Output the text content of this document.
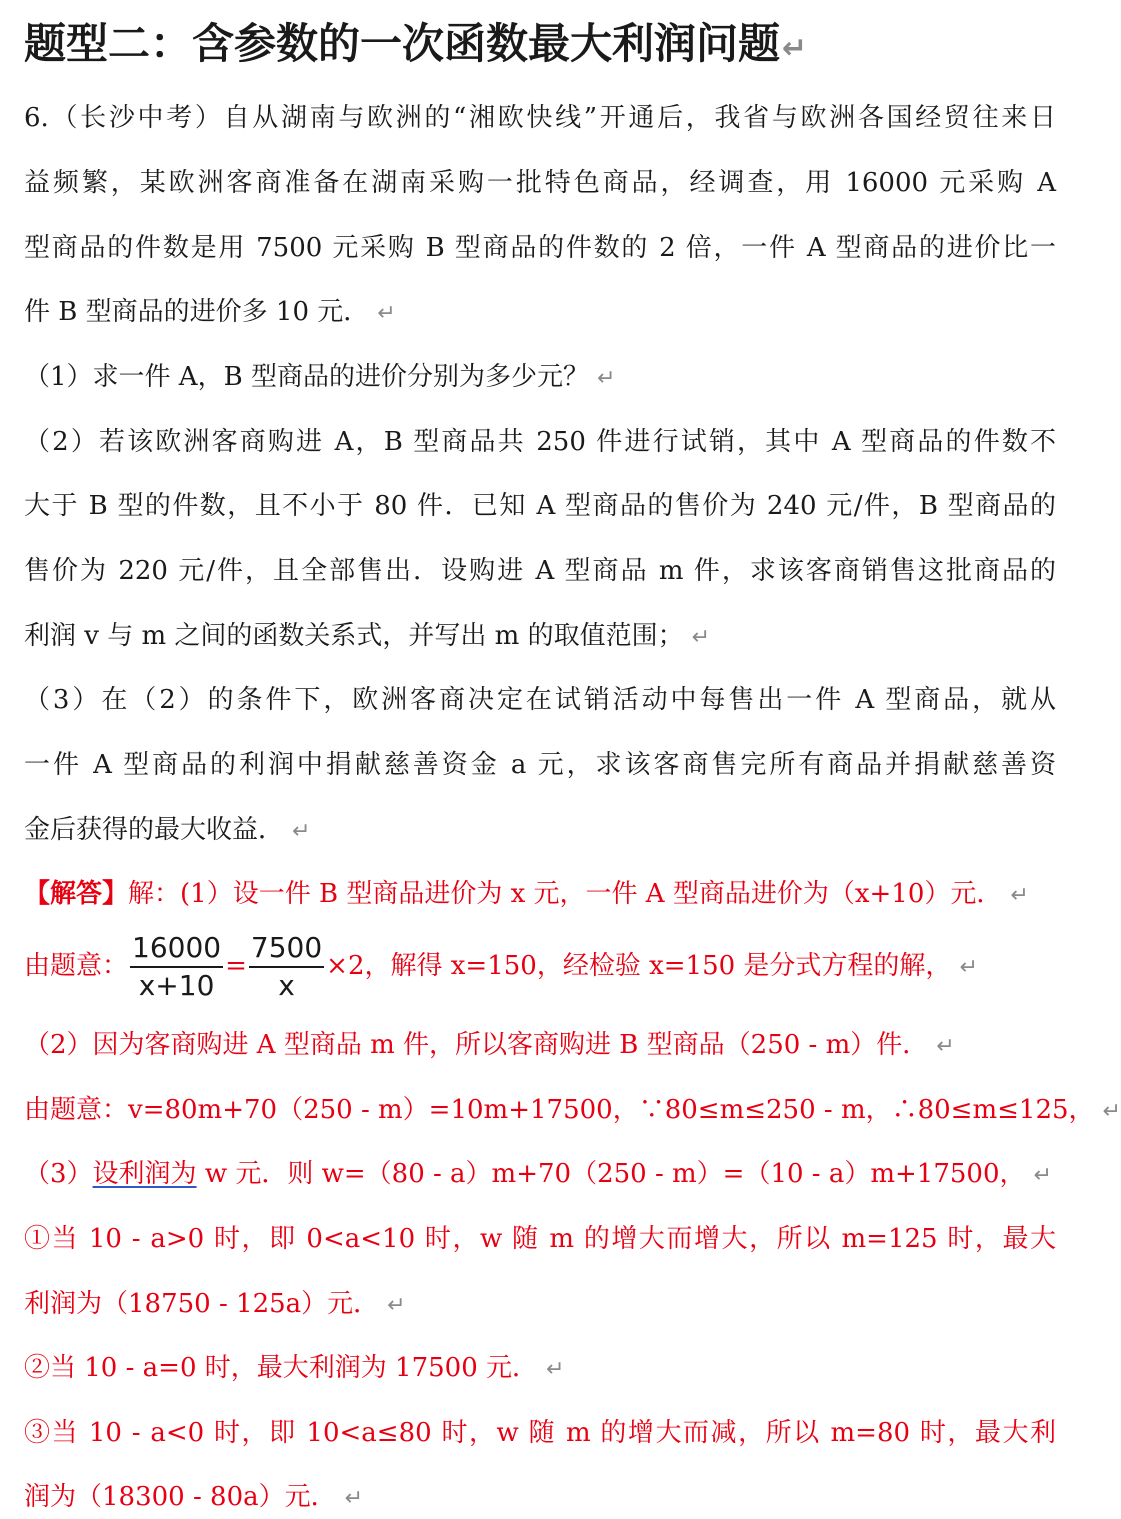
题型二：含参数的一次函数最大利润问题↵
6.（长沙中考）自从湖南与欧洲的“湘欧快线”开通后，我省与欧洲各国经贸往来日
益频繁，某欧洲客商准备在湖南采购一批特色商品，经调查，用 16000 元采购 A
型商品的件数是用 7500 元采购 B 型商品的件数的 2 倍，一件 A 型商品的进价比一
件 B 型商品的进价多 10 元． ↵
（1）求一件 A，B 型商品的进价分别为多少元？ ↵
（2）若该欧洲客商购进 A，B 型商品共 250 件进行试销，其中 A 型商品的件数不
大于 B 型的件数，且不小于 80 件．已知 A 型商品的售价为 240 元/件，B 型商品的
售价为 220 元/件，且全部售出．设购进 A 型商品 m 件，求该客商销售这批商品的
利润 v 与 m 之间的函数关系式，并写出 m 的取值范围； ↵
（3）在（2）的条件下，欧洲客商决定在试销活动中每售出一件 A 型商品，就从
一件 A 型商品的利润中捐献慈善资金 a 元，求该客商售完所有商品并捐献慈善资
金后获得的最大收益． ↵
【解答】解：(1）设一件 B 型商品进价为 x 元，一件 A 型商品进价为（x+10）元． ↵
由题意： $\frac{16000}{x+10} = \frac{7500}{x} \times 2$，解得 x=150，经检验 x=150 是分式方程的解， ↵
（2）因为客商购进 A 型商品 m 件，所以客商购进 B 型商品（250 - m）件． ↵
由题意：v=80m+70（250 - m）=10m+17500，∵80≤m≤250 - m，∴80≤m≤125， ↵
（3）设利润为 w 元．则 w=（80 - a）m+70（250 - m）=（10 - a）m+17500， ↵
①当 10 - a>0 时，即 0<a<10 时，w 随 m 的增大而增大，所以 m=125 时，最大
利润为（18750 - 125a）元． ↵
②当 10 - a=0 时，最大利润为 17500 元． ↵
③当 10 - a<0 时，即 10<a≤80 时，w 随 m 的增大而减，所以 m=80 时，最大利
润为（18300 - 80a）元． ↵
